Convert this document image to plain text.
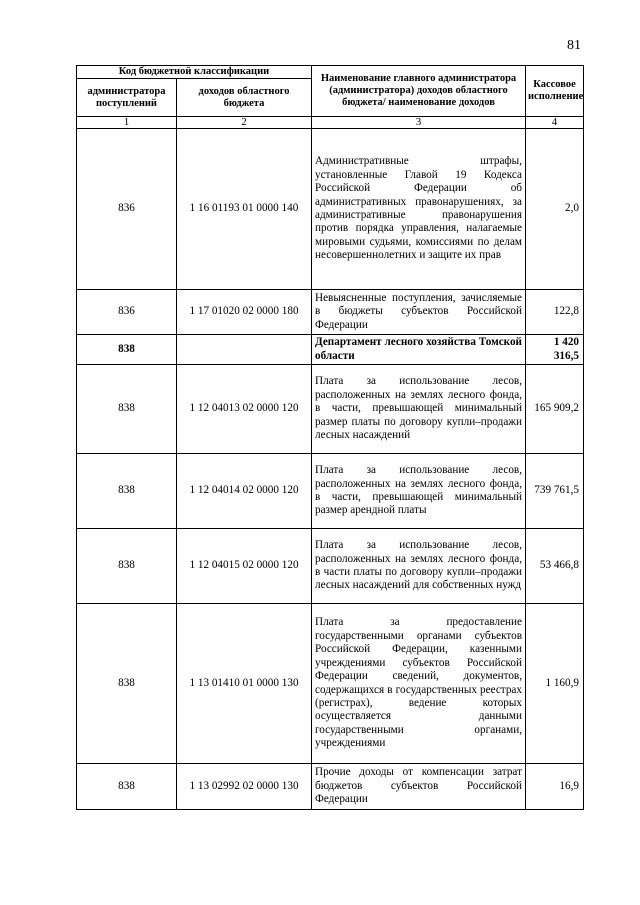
81
Код бюджетной классификации		Наименование главного администратора (администратора) доходов областного бюджета/ наименование доходов	Кассовое исполнение
администратора поступлений	доходов областного бюджета		
1	2	3	4
836	1 16 01193 01 0000 140	Административные штрафы, установленные Главой 19 Кодекса Российской Федерации об административных правонарушениях, за административные правонарушения против порядка управления, налагаемые мировыми судьями, комиссиями по делам несовершеннолетних и защите их прав	2,0
836	1 17 01020 02 0000 180	Невыясненные поступления, зачисляемые в бюджеты субъектов Российской Федерации	122,8
838		Департамент лесного хозяйства Томской области	1 420 316,5
838	1 12 04013 02 0000 120	Плата за использование лесов, расположенных на землях лесного фонда, в части, превышающей минимальный размер платы по договору купли–продажи лесных насаждений	165 909,2
838	1 12 04014 02 0000 120	Плата за использование лесов, расположенных на землях лесного фонда, в части, превышающей минимальный размер арендной платы	739 761,5
838	1 12 04015 02 0000 120	Плата за использование лесов, расположенных на землях лесного фонда, в части платы по договору купли–продажи лесных насаждений для собственных нужд	53 466,8
838	1 13 01410 01 0000 130	Плата за предоставление государственными органами субъектов Российской Федерации, казенными учреждениями субъектов Российской Федерации сведений, документов, содержащихся в государственных реестрах (регистрах), ведение которых осуществляется данными государственными органами, учреждениями	1 160,9
838	1 13 02992 02 0000 130	Прочие доходы от компенсации затрат бюджетов субъектов Российской Федерации	16,9
